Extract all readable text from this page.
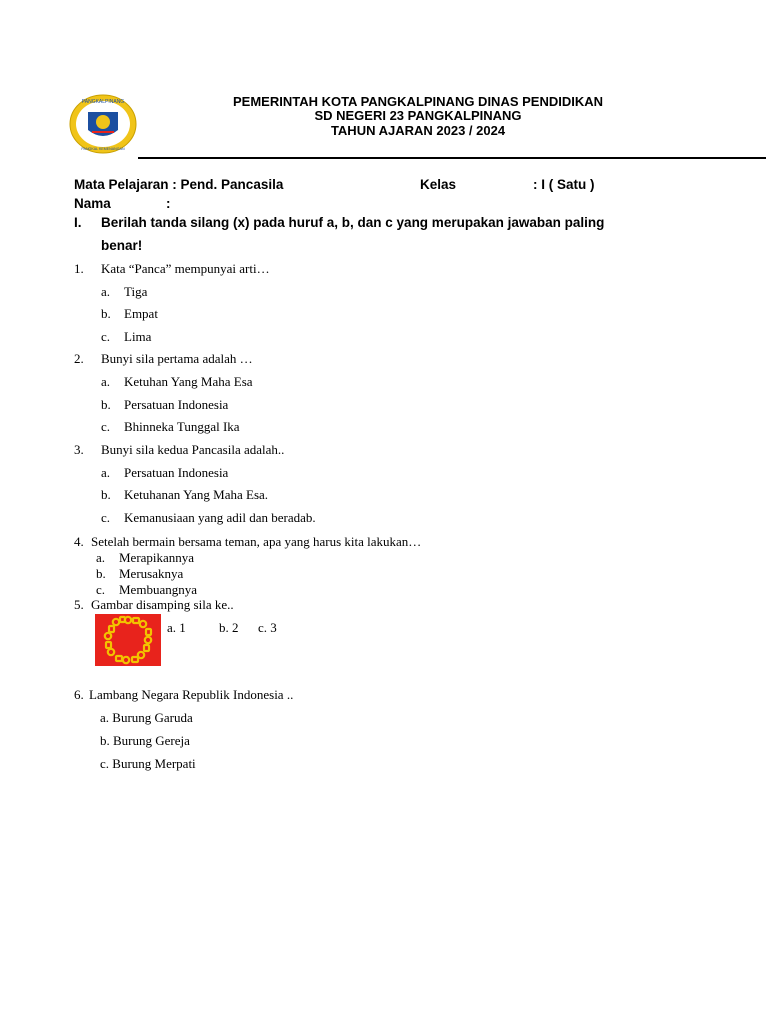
PANGKALPINANG
PANGKAL KEMENANGAN
PEMERINTAH KOTA PANGKALPINANG DINAS PENDIDIKAN
SD NEGERI 23 PANGKALPINANG
TAHUN AJARAN 2023 / 2024
Mata Pelajaran : Pend. Pancasila	Kelas	: I ( Satu )
Nama	:
I. Berilah tanda silang (x) pada huruf a, b, dan c yang merupakan jawaban paling
benar!
1. Kata “Panca” mempunyai arti…
a. Tiga
b. Empat
c. Lima
2. Bunyi sila pertama adalah …
a. Ketuhan Yang Maha Esa
b. Persatuan Indonesia
c. Bhinneka Tunggal Ika
3. Bunyi sila kedua Pancasila adalah..
a. Persatuan Indonesia
b. Ketuhanan Yang Maha Esa.
c. Kemanusiaan yang adil dan beradab.
4. Setelah bermain bersama teman, apa yang harus kita lakukan…
a. Merapikannya
b. Merusaknya
c. Membuangnya
5. Gambar disamping sila ke..
a. 1	b. 2 c. 3
6. Lambang Negara Republik Indonesia ..
a. Burung Garuda
b. Burung Gereja
c. Burung Merpati
